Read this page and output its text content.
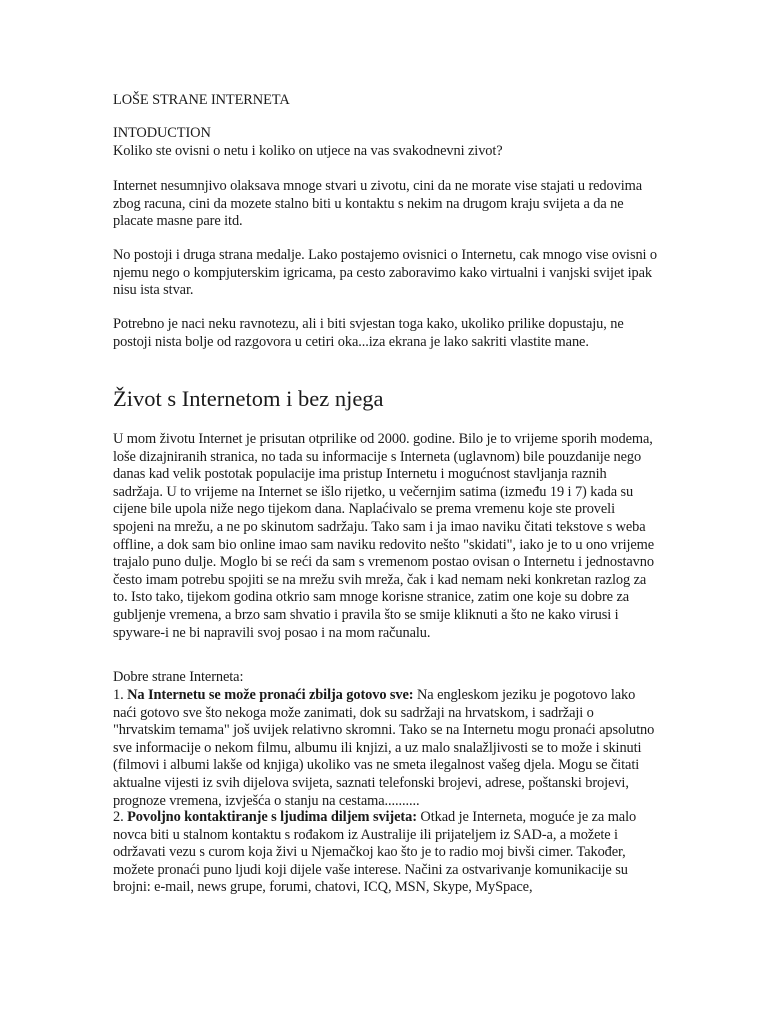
LOŠE STRANE INTERNETA

INTODUCTION

Koliko ste ovisni o netu i koliko on utjece na vas svakodnevni zivot?

Internet nesumnjivo olaksava mnoge stvari u zivotu, cini da ne morate vise stajati u redovima zbog racuna, cini da mozete stalno biti u kontaktu s nekim na drugom kraju svijeta a da ne placate masne pare itd.

No postoji i druga strana medalje. Lako postajemo ovisnici o Internetu, cak mnogo vise ovisni o njemu nego o kompjuterskim igricama, pa cesto zaboravimo kako virtualni i vanjski svijet ipak nisu ista stvar.

Potrebno je naci neku ravnotezu, ali i biti svjestan toga kako, ukoliko prilike dopustaju, ne postoji nista bolje od razgovora u cetiri oka...iza ekrana je lako sakriti vlastite mane.

Život s Internetom i bez njega

U mom životu Internet je prisutan otprilike od 2000. godine. Bilo je to vrijeme sporih modema, loše dizajniranih stranica, no tada su informacije s Interneta (uglavnom) bile pouzdanije nego danas kad velik postotak populacije ima pristup Internetu i mogućnost stavljanja raznih sadržaja. U to vrijeme na Internet se išlo rijetko, u večernjim satima (između 19 i 7) kada su cijene bile upola niže nego tijekom dana. Naplaćivalo se prema vremenu koje ste proveli spojeni na mrežu, a ne po skinutom sadržaju. Tako sam i ja imao naviku čitati tekstove s weba offline, a dok sam bio online imao sam naviku redovito nešto "skidati", iako je to u ono vrijeme trajalo puno dulje. Moglo bi se reći da sam s vremenom postao ovisan o Internetu i jednostavno često imam potrebu spojiti se na mrežu svih mreža, čak i kad nemam neki konkretan razlog za to. Isto tako, tijekom godina otkrio sam mnoge korisne stranice, zatim one koje su dobre za gubljenje vremena, a brzo sam shvatio i pravila što se smije kliknuti a što ne kako virusi i spyware-i ne bi napravili svoj posao i na mom računalu.

Dobre strane Interneta:

1. Na Internetu se može pronaći zbilja gotovo sve: Na engleskom jeziku je pogotovo lako naći gotovo sve što nekoga može zanimati, dok su sadržaji na hrvatskom, i sadržaji o "hrvatskim temama" još uvijek relativno skromni. Tako se na Internetu mogu pronaći apsolutno sve informacije o nekom filmu, albumu ili knjizi, a uz malo snalažljivosti se to može i skinuti (filmovi i albumi lakše od knjiga) ukoliko vas ne smeta ilegalnost vašeg djela. Mogu se čitati aktualne vijesti iz svih dijelova svijeta, saznati telefonski brojevi, adrese, poštanski brojevi, prognoze vremena, izvješća o stanju na cestama..........

2. Povoljno kontaktiranje s ljudima diljem svijeta: Otkad je Interneta, moguće je za malo novca biti u stalnom kontaktu s rođakom iz Australije ili prijateljem iz SAD-a, a možete i održavati vezu s curom koja živi u Njemačkoj kao što je to radio moj bivši cimer. Također, možete pronaći puno ljudi koji dijele vaše interese. Načini za ostvarivanje komunikacije su brojni: e-mail, news grupe, forumi, chatovi, ICQ, MSN, Skype, MySpace,
